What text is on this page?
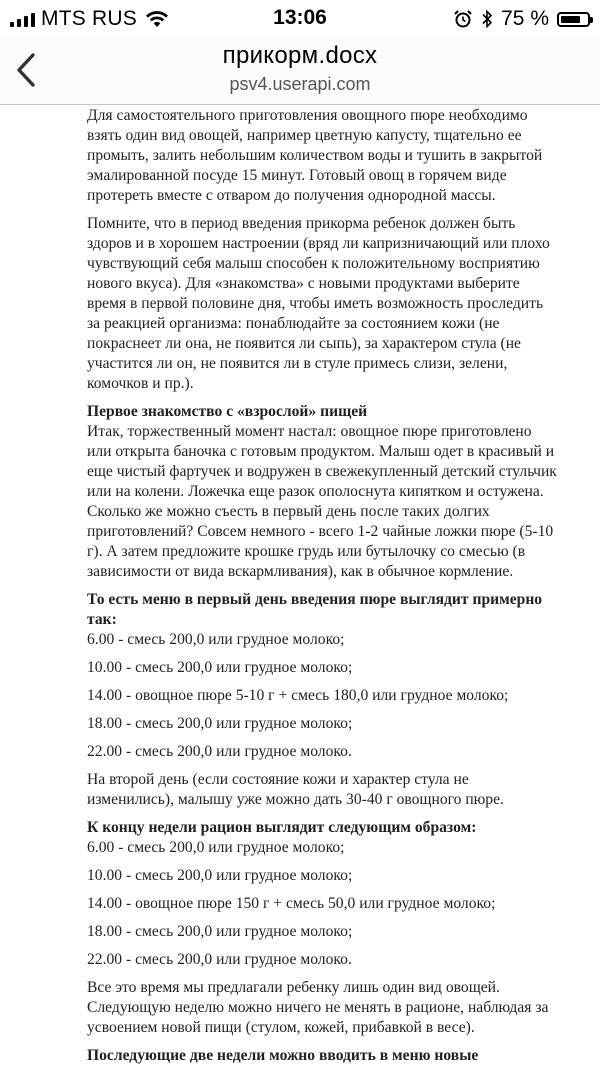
MTS RUS	13:06	75 %
прикорм.docx
psv4.userapi.com

Для самостоятельного приготовления овощного пюре необходимо взять один вид овощей, например цветную капусту, тщательно ее промыть, залить небольшим количеством воды и тушить в закрытой эмалированной посуде 15 минут. Готовый овощ в горячем виде протереть вместе с отваром до получения однородной массы.

Помните, что в период введения прикорма ребенок должен быть здоров и в хорошем настроении (вряд ли капризничающий или плохо чувствующий себя малыш способен к положительному восприятию нового вкуса). Для «знакомства» с новыми продуктами выберите время в первой половине дня, чтобы иметь возможность проследить за реакцией организма: понаблюдайте за состоянием кожи (не покраснеет ли она, не появится ли сыпь), за характером стула (не участится ли он, не появится ли в стуле примесь слизи, зелени, комочков и пр.).

Первое знакомство с «взрослой» пищей

Итак, торжественный момент настал: овощное пюре приготовлено или открыта баночка с готовым продуктом. Малыш одет в красивый и еще чистый фартучек и водружен в свежекупленный детский стульчик или на колени. Ложечка еще разок ополоснута кипятком и остужена. Сколько же можно съесть в первый день после таких долгих приготовлений? Совсем немного - всего 1-2 чайные ложки пюре (5-10 г). А затем предложите крошке грудь или бутылочку со смесью (в зависимости от вида вскармливания), как в обычное кормление.

То есть меню в первый день введения пюре выглядит примерно так:

6.00 - смесь 200,0 или грудное молоко;

10.00 - смесь 200,0 или грудное молоко;

14.00 - овощное пюре 5-10 г + смесь 180,0 или грудное молоко;

18.00 - смесь 200,0 или грудное молоко;

22.00 - смесь 200,0 или грудное молоко.

На второй день (если состояние кожи и характер стула не изменились), малышу уже можно дать 30-40 г овощного пюре.

К концу недели рацион выглядит следующим образом:

6.00 - смесь 200,0 или грудное молоко;

10.00 - смесь 200,0 или грудное молоко;

14.00 - овощное пюре 150 г + смесь 50,0 или грудное молоко;

18.00 - смесь 200,0 или грудное молоко;

22.00 - смесь 200,0 или грудное молоко.

Все это время мы предлагали ребенку лишь один вид овощей. Следующую неделю можно ничего не менять в рационе, наблюдая за усвоением новой пищи (стулом, кожей, прибавкой в весе).

Последующие две недели можно вводить в меню новые
